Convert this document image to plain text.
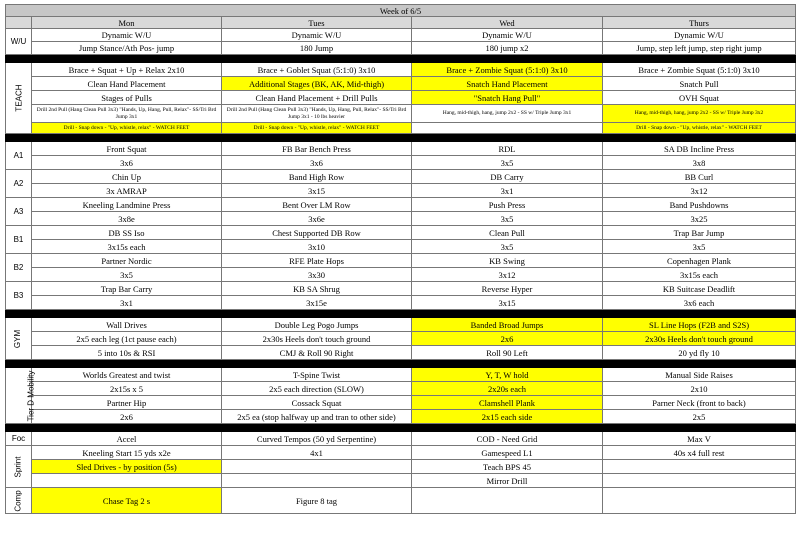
Week of 6/5				
	Mon	Tues	Wed	Thurs
W/U	Dynamic W/U	Dynamic W/U	Dynamic W/U	Dynamic W/U
	Jump Stance/Ath Pos- jump	180 Jump	180 jump x2	Jump, step left jump, step right jump

TEACH	Brace + Squat + Up + Relax 2x10	Brace + Goblet Squat (5:1:0) 3x10	Brace + Zombie Squat (5:1:0) 3x10	Brace + Zombie Squat (5:1:0) 3x10
	Clean Hand Placement	Additional Stages (BK, AK, Mid-thigh)	Snatch Hand Placement	Snatch Pull
	Stages of Pulls	Clean Hand Placement + Drill Pulls	"Snatch Hang Pull"	OVH Squat
	Drill 2nd Pull (Hang Clean Pull 3x3) "Hands, Up, Hang, Pull, Relax"- SS/Tri Brd Jump 3x1	Drill 2nd Pull (Hang Clean Pull 3x3) "Hands, Up, Hang, Pull, Relax"- SS/Tri Brd Jump 3x1 - 10 lbs heavier	Hang, mid-thigh, hang, jump 2x2 - SS w/ Triple Jump 3x1	Hang, mid-thigh, hang, jump 2x2 - SS w/ Triple Jump 3x2
	Drill - Snap down - "Up, whistle, relax" - WATCH FEET	Drill - Snap down - "Up, whistle, relax" - WATCH FEET		Drill - Snap down - "Up, whistle, relax" - WATCH FEET

A1	Front Squat	FB Bar Bench Press	RDL	SA DB Incline Press
	3x6	3x6	3x5	3x8
A2	Chin Up	Band High Row	DB Carry	BB Curl
	3x AMRAP	3x15	3x1	3x12
A3	Kneeling Landmine Press	Bent Over LM Row	Push Press	Band Pushdowns
	3x8e	3x6e	3x5	3x25
B1	DB SS Iso	Chest Supported DB Row	Clean Pull	Trap Bar Jump
	3x15s each	3x10	3x5	3x5
B2	Partner Nordic	RFE Plate Hops	KB Swing	Copenhagen Plank
	3x5	3x30	3x12	3x15s each
B3	Trap Bar Carry	KB SA Shrug	Reverse Hyper	KB Suitcase Deadlift
	3x1	3x15e	3x15	3x6 each

GYM	Wall Drives	Double Leg Pogo Jumps	Banded Broad Jumps	SL Line Hops (F2B and S2S)
	2x5 each leg (1ct pause each)	2x30s Heels don't touch ground	2x6	2x30s Heels don't touch ground
	5 into 10s & RSI	CMJ & Roll 90 Right	Roll 90 Left	20 yd fly 10

Tier D Mobility	Worlds Greatest and twist	T-Spine Twist	Y, T, W hold	Manual Side Raises
	2x15s x 5	2x5 each direction (SLOW)	2x20s each	2x10
	Partner Hip	Cossack Squat	Clamshell Plank	Parner Neck (front to back)
	2x6	2x5 ea (stop halfway up and tran to other side)	2x15 each side	2x5

Foc	Accel	Curved Tempos (50 yd Serpentine)	COD - Need Grid	Max V
Sprint	Kneeling Start 15 yds x2e	4x1	Gamespeed L1	40s x4 full rest
	Sled Drives - by position (5s)		Teach BPS 45	
			Mirror Drill	
Comp	Chase Tag 2 s	Figure 8 tag		
